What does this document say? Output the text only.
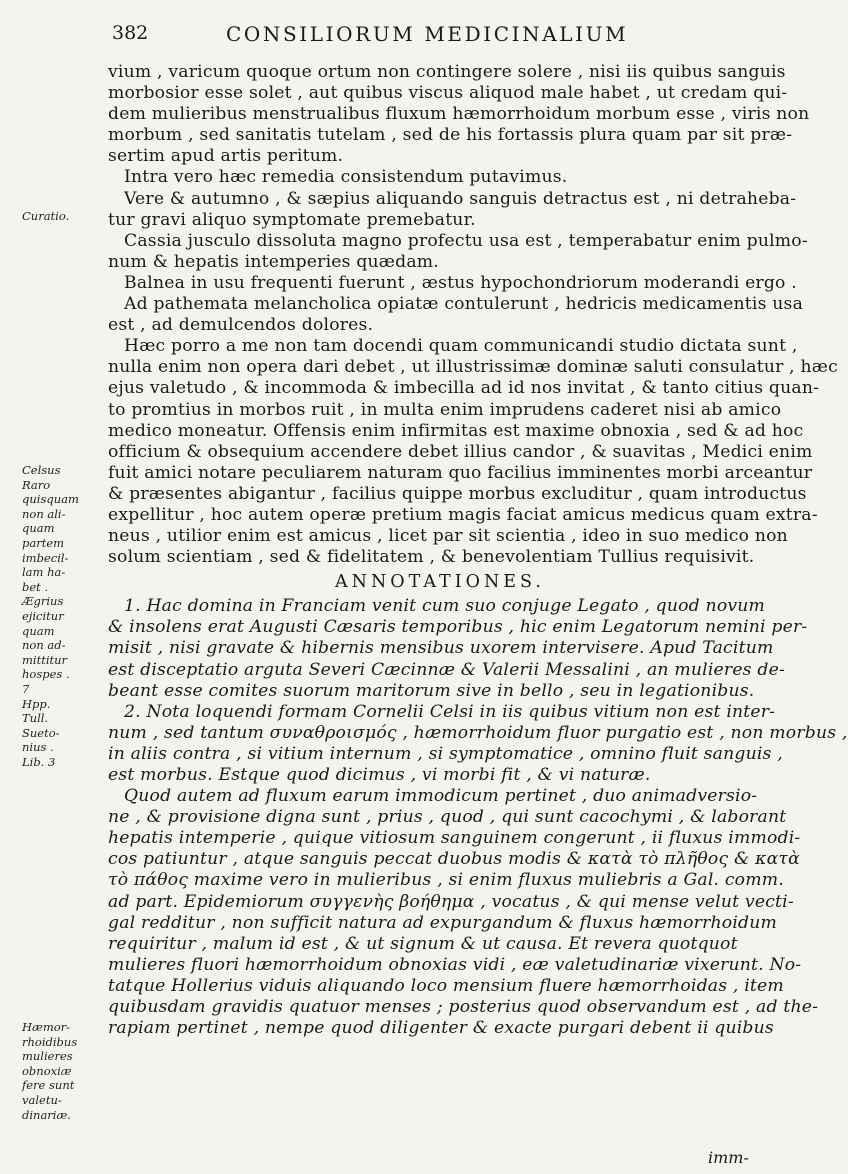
382	CONSILIORUM MEDICINALIUM
Curatio.
Celsus
Raro
quisquam
non ali-
quam
partem
imbecil-
lam ha-
bet .
Ægrius
ejicitur
quam
non ad-
mittitur
hospes .
7
Hpp.
Tull.
Sueto-
nius .
Lib. 3
Hæmor-
rhoidibus
mulieres
obnoxiæ
fere sunt
valetu-
dinariæ.
vium , varicum quoque ortum non contingere solere , nisi iis quibus sanguis
morbosior esse solet , aut quibus viscus aliquod male habet , ut credam qui-
dem mulieribus menstrualibus fluxum hæmorrhoidum morbum esse , viris non
morbum , sed sanitatis tutelam , sed de his fortassis plura quam par sit præ-
sertim apud artis peritum.
Intra vero hæc remedia consistendum putavimus.
Vere & autumno , & sæpius aliquando sanguis detractus est , ni detraheba-
tur gravi aliquo symptomate premebatur.
Cassia jusculo dissoluta magno profectu usa est , temperabatur enim pulmo-
num & hepatis intemperies quædam.
Balnea in usu frequenti fuerunt , æstus hypochondriorum moderandi ergo .
Ad pathemata melancholica opiatæ contulerunt , hedricis medicamentis usa
est , ad demulcendos dolores.
Hæc porro a me non tam docendi quam communicandi studio dictata sunt ,
nulla enim non opera dari debet , ut illustrissimæ dominæ saluti consulatur , hæc
ejus valetudo , & incommoda & imbecilla ad id nos invitat , & tanto citius quan-
to promtius in morbos ruit , in multa enim imprudens caderet nisi ab amico
medico moneatur. Offensis enim infirmitas est maxime obnoxia , sed & ad hoc
officium & obsequium accendere debet illius candor , & suavitas , Medici enim
fuit amici notare peculiarem naturam quo facilius imminentes morbi arceantur
& præsentes abigantur , facilius quippe morbus excluditur , quam introductus
expellitur , hoc autem operæ pretium magis faciat amicus medicus quam extra-
neus , utilior enim est amicus , licet par sit scientia , ideo in suo medico non
solum scientiam , sed & fidelitatem , & benevolentiam Tullius requisivit.
ANNOTATIONES.
1. Hac domina in Franciam venit cum suo conjuge Legato , quod novum
& insolens erat Augusti Cæsaris temporibus , hic enim Legatorum nemini per-
misit , nisi gravate & hibernis mensibus uxorem intervisere. Apud Tacitum
est disceptatio arguta Severi Cæcinnæ & Valerii Messalini , an mulieres de-
beant esse comites suorum maritorum sive in bello , seu in legationibus.
2. Nota loquendi formam Cornelii Celsi in iis quibus vitium non est inter-
num , sed tantum συναθροισμός , hæmorrhoidum fluor purgatio est , non morbus ,
in aliis contra , si vitium internum , si symptomatice , omnino fluit sanguis ,
est morbus. Estque quod dicimus , vi morbi fit , & vi naturæ.
Quod autem ad fluxum earum immodicum pertinet , duo animadversio-
ne , & provisione digna sunt , prius , quod , qui sunt cacochymi , & laborant
hepatis intemperie , quique vitiosum sanguinem congerunt , ii fluxus immodi-
cos patiuntur , atque sanguis peccat duobus modis & κατὰ τὸ πλῆθος & κατὰ
τὸ πάθος maxime vero in mulieribus , si enim fluxus muliebris a Gal. comm.
ad part. Epidemiorum συγγενὴς βοήθημα , vocatus , & qui mense velut vecti-
gal redditur , non sufficit natura ad expurgandum & fluxus hæmorrhoidum
requiritur , malum id est , & ut signum & ut causa. Et revera quotquot
mulieres fluori hæmorrhoidum obnoxias vidi , eæ valetudinariæ vixerunt. No-
tatque Hollerius viduis aliquando loco mensium fluere hæmorrhoidas , item
quibusdam gravidis quatuor menses ; posterius quod observandum est , ad the-
rapiam pertinet , nempe quod diligenter & exacte purgari debent ii quibus
imm-
